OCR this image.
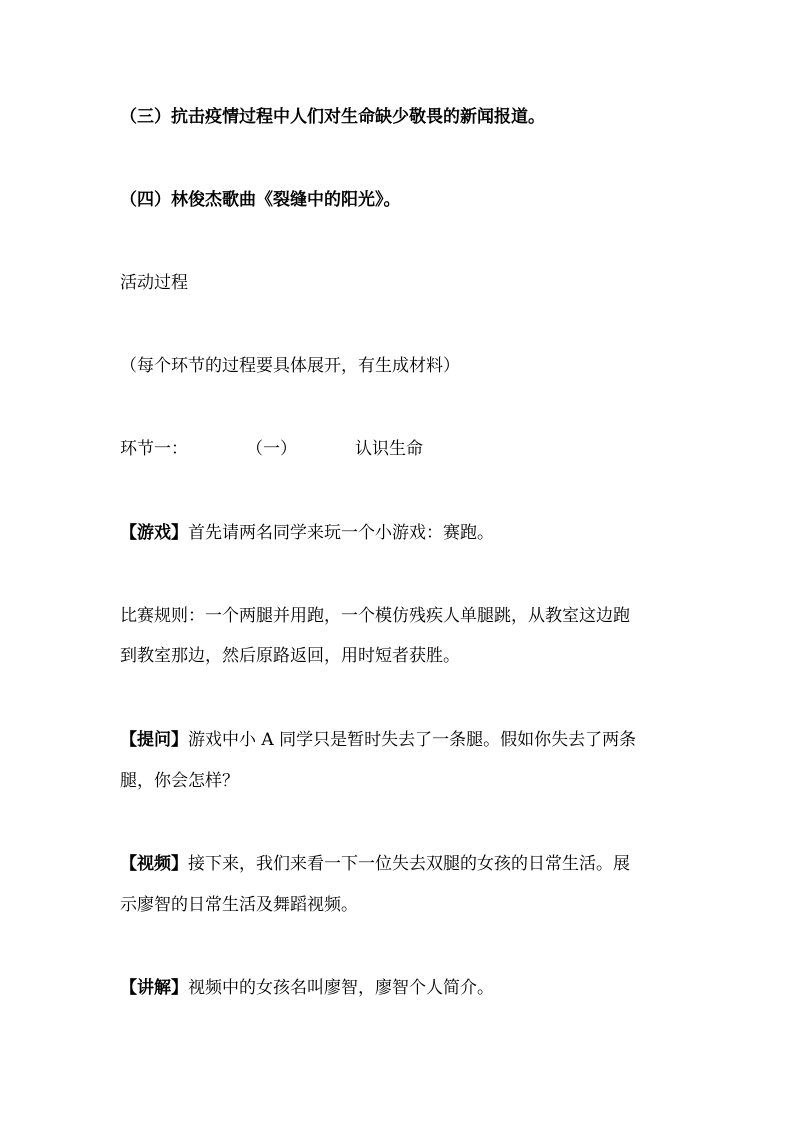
（三）抗击疫情过程中人们对生命缺少敬畏的新闻报道。
（四）林俊杰歌曲《裂缝中的阳光》。
活动过程
（每个环节的过程要具体展开，有生成材料）
环节一：	（一）	认识生命
【游戏】首先请两名同学来玩一个小游戏：赛跑。
比赛规则：一个两腿并用跑，一个模仿残疾人单腿跳，从教室这边跑
到教室那边，然后原路返回，用时短者获胜。
【提问】游戏中小 A 同学只是暂时失去了一条腿。假如你失去了两条
腿，你会怎样？
【视频】接下来，我们来看一下一位失去双腿的女孩的日常生活。展
示廖智的日常生活及舞蹈视频。
【讲解】视频中的女孩名叫廖智，廖智个人简介。
